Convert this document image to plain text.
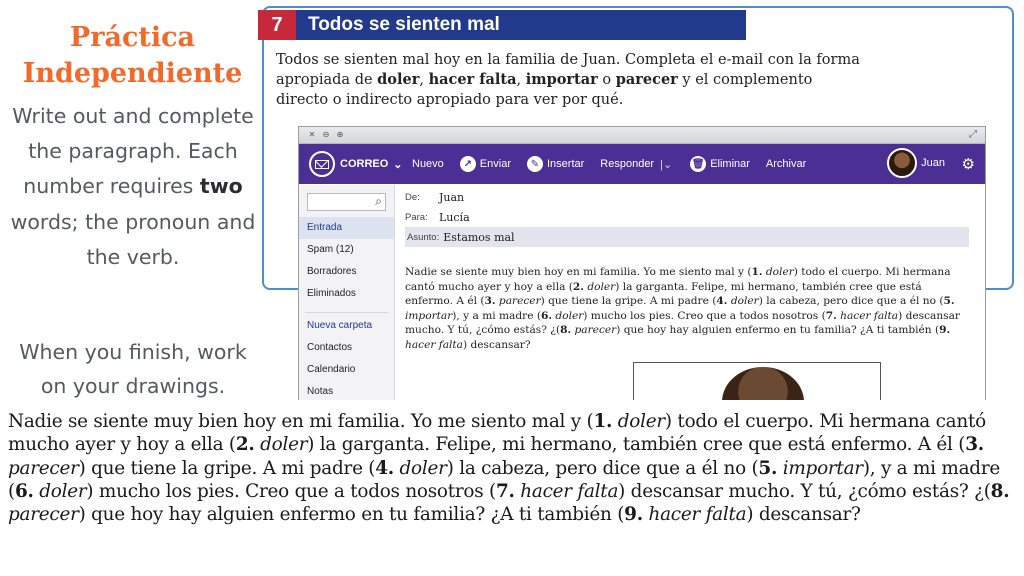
Práctica
Independiente
Write out and complete the paragraph. Each number requires two words; the pronoun and the verb.
When you finish, work on your drawings.
7	Todos se sienten mal
Todos se sienten mal hoy en la familia de Juan. Completa el e-mail con la forma apropiada de doler, hacer falta, importar o parecer y el complemento directo o indirecto apropiado para ver por qué.
✕ ⊖ ⊕	⤢
CORREO ⌄ Nuevo	↗ Enviar	✎ Insertar Responder |⌄ 🗑 Eliminar Archivar	Juan ⚙
⌕
Entrada
Spam (12)
Borradores
Eliminados
Nueva carpeta
Contactos
Calendario
Notas
De:	Juan
Para:	Lucía
Asunto: Estamos mal
Nadie se siente muy bien hoy en mi familia. Yo me siento mal y (1. doler) todo el cuerpo. Mi hermana cantó mucho ayer y hoy a ella (2. doler) la garganta. Felipe, mi hermano, también cree que está enfermo. A él (3. parecer) que tiene la gripe. A mi padre (4. doler) la cabeza, pero dice que a él no (5. importar), y a mi madre (6. doler) mucho los pies. Creo que a todos nosotros (7. hacer falta) descansar mucho. Y tú, ¿cómo estás? ¿(8. parecer) que hoy hay alguien enfermo en tu familia? ¿A ti también (9. hacer falta) descansar?
Nadie se siente muy bien hoy en mi familia. Yo me siento mal y (1. doler) todo el cuerpo. Mi hermana cantó mucho ayer y hoy a ella (2. doler) la garganta. Felipe, mi hermano, también cree que está enfermo. A él (3. parecer) que tiene la gripe. A mi padre (4. doler) la cabeza, pero dice que a él no (5. importar), y a mi madre (6. doler) mucho los pies. Creo que a todos nosotros (7. hacer falta) descansar mucho. Y tú, ¿cómo estás? ¿(8. parecer) que hoy hay alguien enfermo en tu familia? ¿A ti también (9. hacer falta) descansar?
